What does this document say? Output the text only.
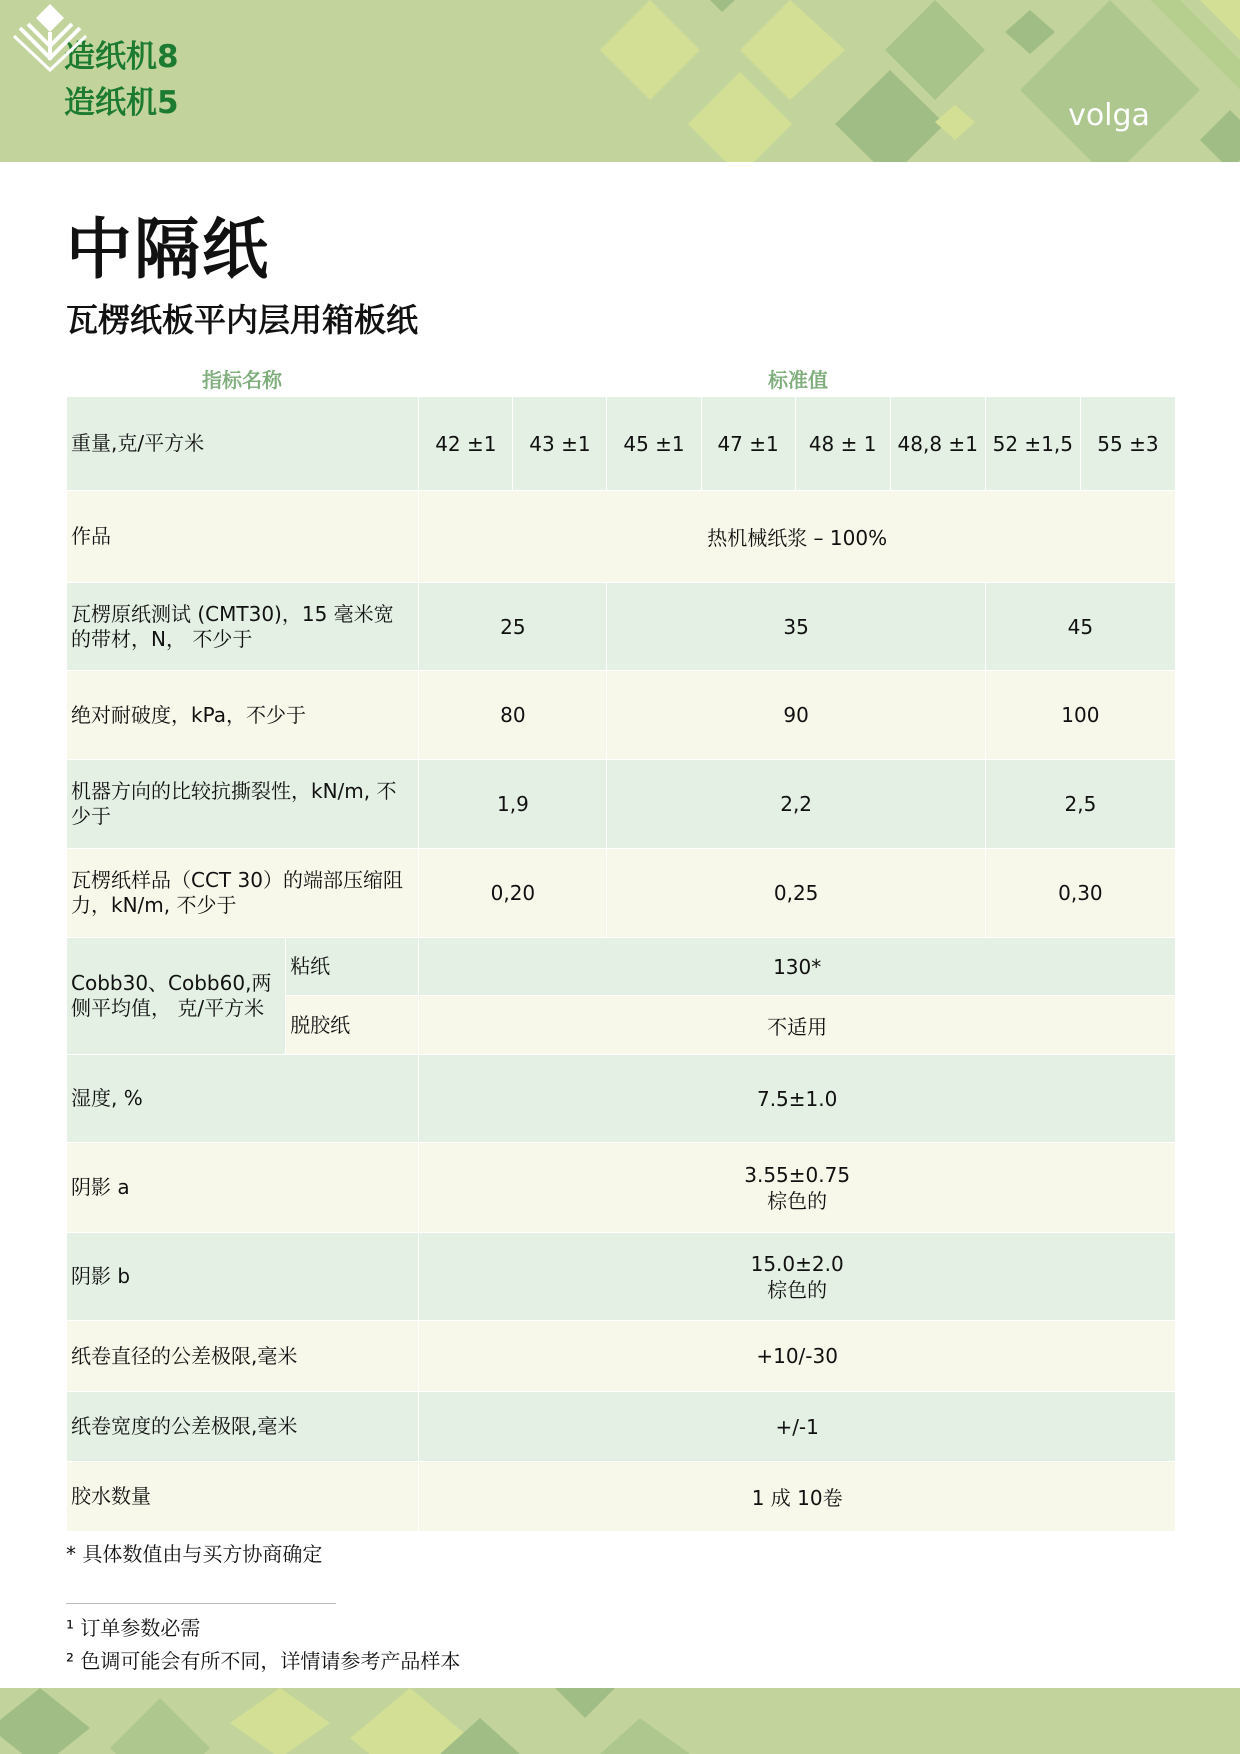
造纸机8
造纸机5	volga
中隔纸
瓦楞纸板平内层用箱板纸
指标名称	标准值
重量,克/平方米		42 ±1	43 ±1	45 ±1	47 ±1	48 ± 1	48,8 ±1	52 ±1,5	55 ±3
作品		热机械纸浆 – 100%							
瓦楞原纸测试 (CMT30)，15 毫米宽的带材，N， 不少于		25		35				45	
绝对耐破度，kPa，不少于		80		90				100	
机器方向的比较抗撕裂性，kN/m, 不少于		1,9		2,2				2,5	
瓦楞纸样品（CCT 30）的端部压缩阻力，kN/m, 不少于		0,20		0,25				0,30	
Cobb30、Cobb60,两侧平均值， 克/平方米	粘纸	130*							
	脱胶纸	不适用							
湿度, %		7.5±1.0							
阴影 a		3.55±0.75
棕色的							

阴影 b		15.0±2.0
棕色的							

纸卷直径的公差极限,毫米		+10/-30							
纸卷宽度的公差极限,毫米		+/-1							
胶水数量		1 成 10卷							
* 具体数值由与买方协商确定
¹ 订单参数必需
² 色调可能会有所不同，详情请参考产品样本
